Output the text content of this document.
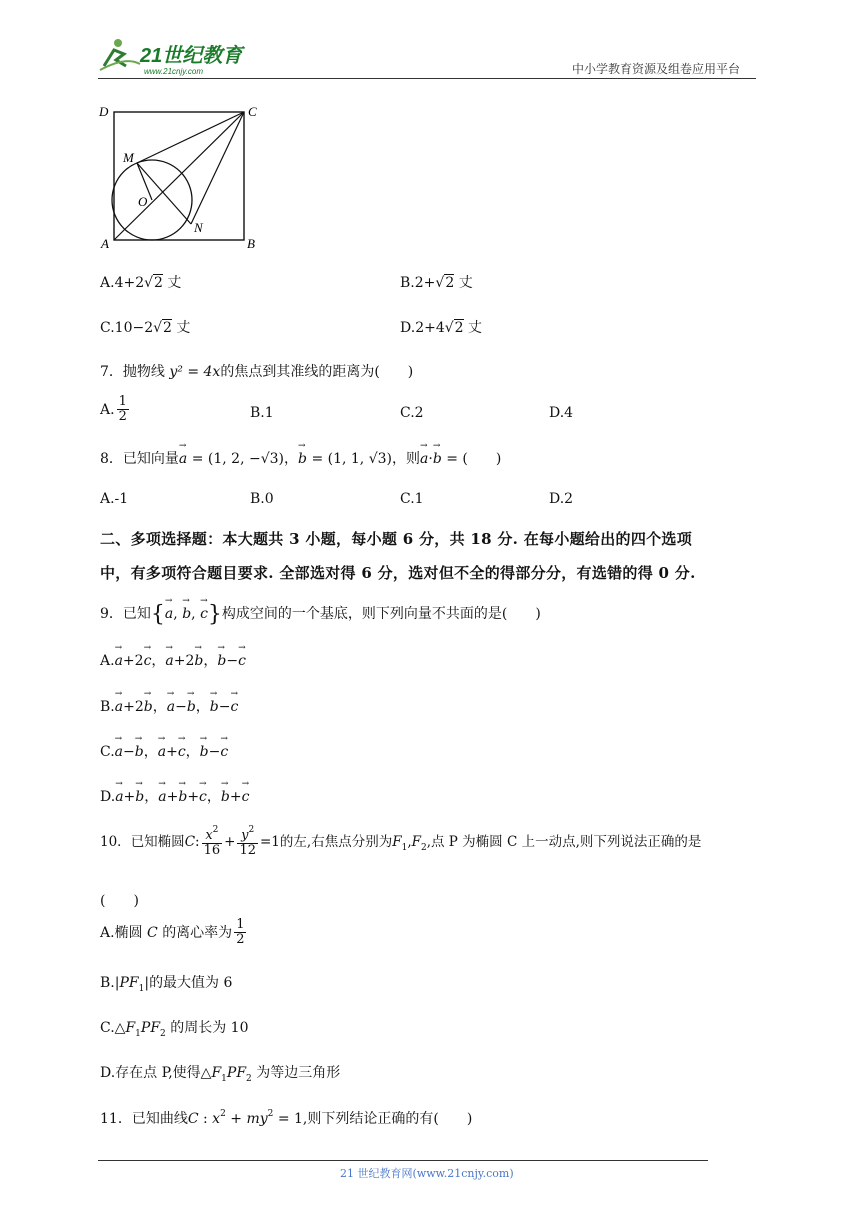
21世纪教育
www.21cnjy.com	中小学教育资源及组卷应用平台
D	C
M
O
N
A	B
A.4+2√2 丈	B.2+√2 丈
C.10−2√2 丈	D.2+4√2 丈
7．抛物线 y² = 4x的焦点到其准线的距离为(　　)
A. $\frac{1}{2}$	B.1	C.2	D.4
8．已知向量→ a = (1, 2, −√3)，→ b = (1, 1, √3)，则→ a·→ b = (　　)
A.-1	B.0	C.1	D.2
二、多项选择题：本大题共 3 小题，每小题 6 分，共 18 分. 在每小题给出的四个选项
中，有多项符合题目要求. 全部选对得 6 分，选对但不全的得部分分，有选错的得 0 分.
9．已知{→ a, → b, → c}构成空间的一个基底，则下列向量不共面的是(　　)
A.→ a+2→ c，→ a+2→ b，→ b−→ c
B.→ a+2→ b，→ a−→ b，→ b−→ c
C.→ a−→ b，→ a+→ c，→ b−→ c
D.→ a+→ b，→ a+→ b+→ c，→ b+→ c
10．已知椭圆C: $\frac{x^2}{16} + \frac{y^2}{12} =1$的左,右焦点分别为$F_1,F_2$,点 P 为椭圆 C 上一动点,则下列说法正确的是
(　　)
A.椭圆 C 的离心率为 $\frac{1}{2}$
$B.|PF_1|$的最大值为 6
$C.\triangle F_1PF_2$ 的周长为 10
D.存在点 P,使得$\triangle F_1PF_2$ 为等边三角形
11．已知曲线C : $x^2 + my^2 = 1$,则下列结论正确的有(　　)
21 世纪教育网(www.21cnjy.com)
